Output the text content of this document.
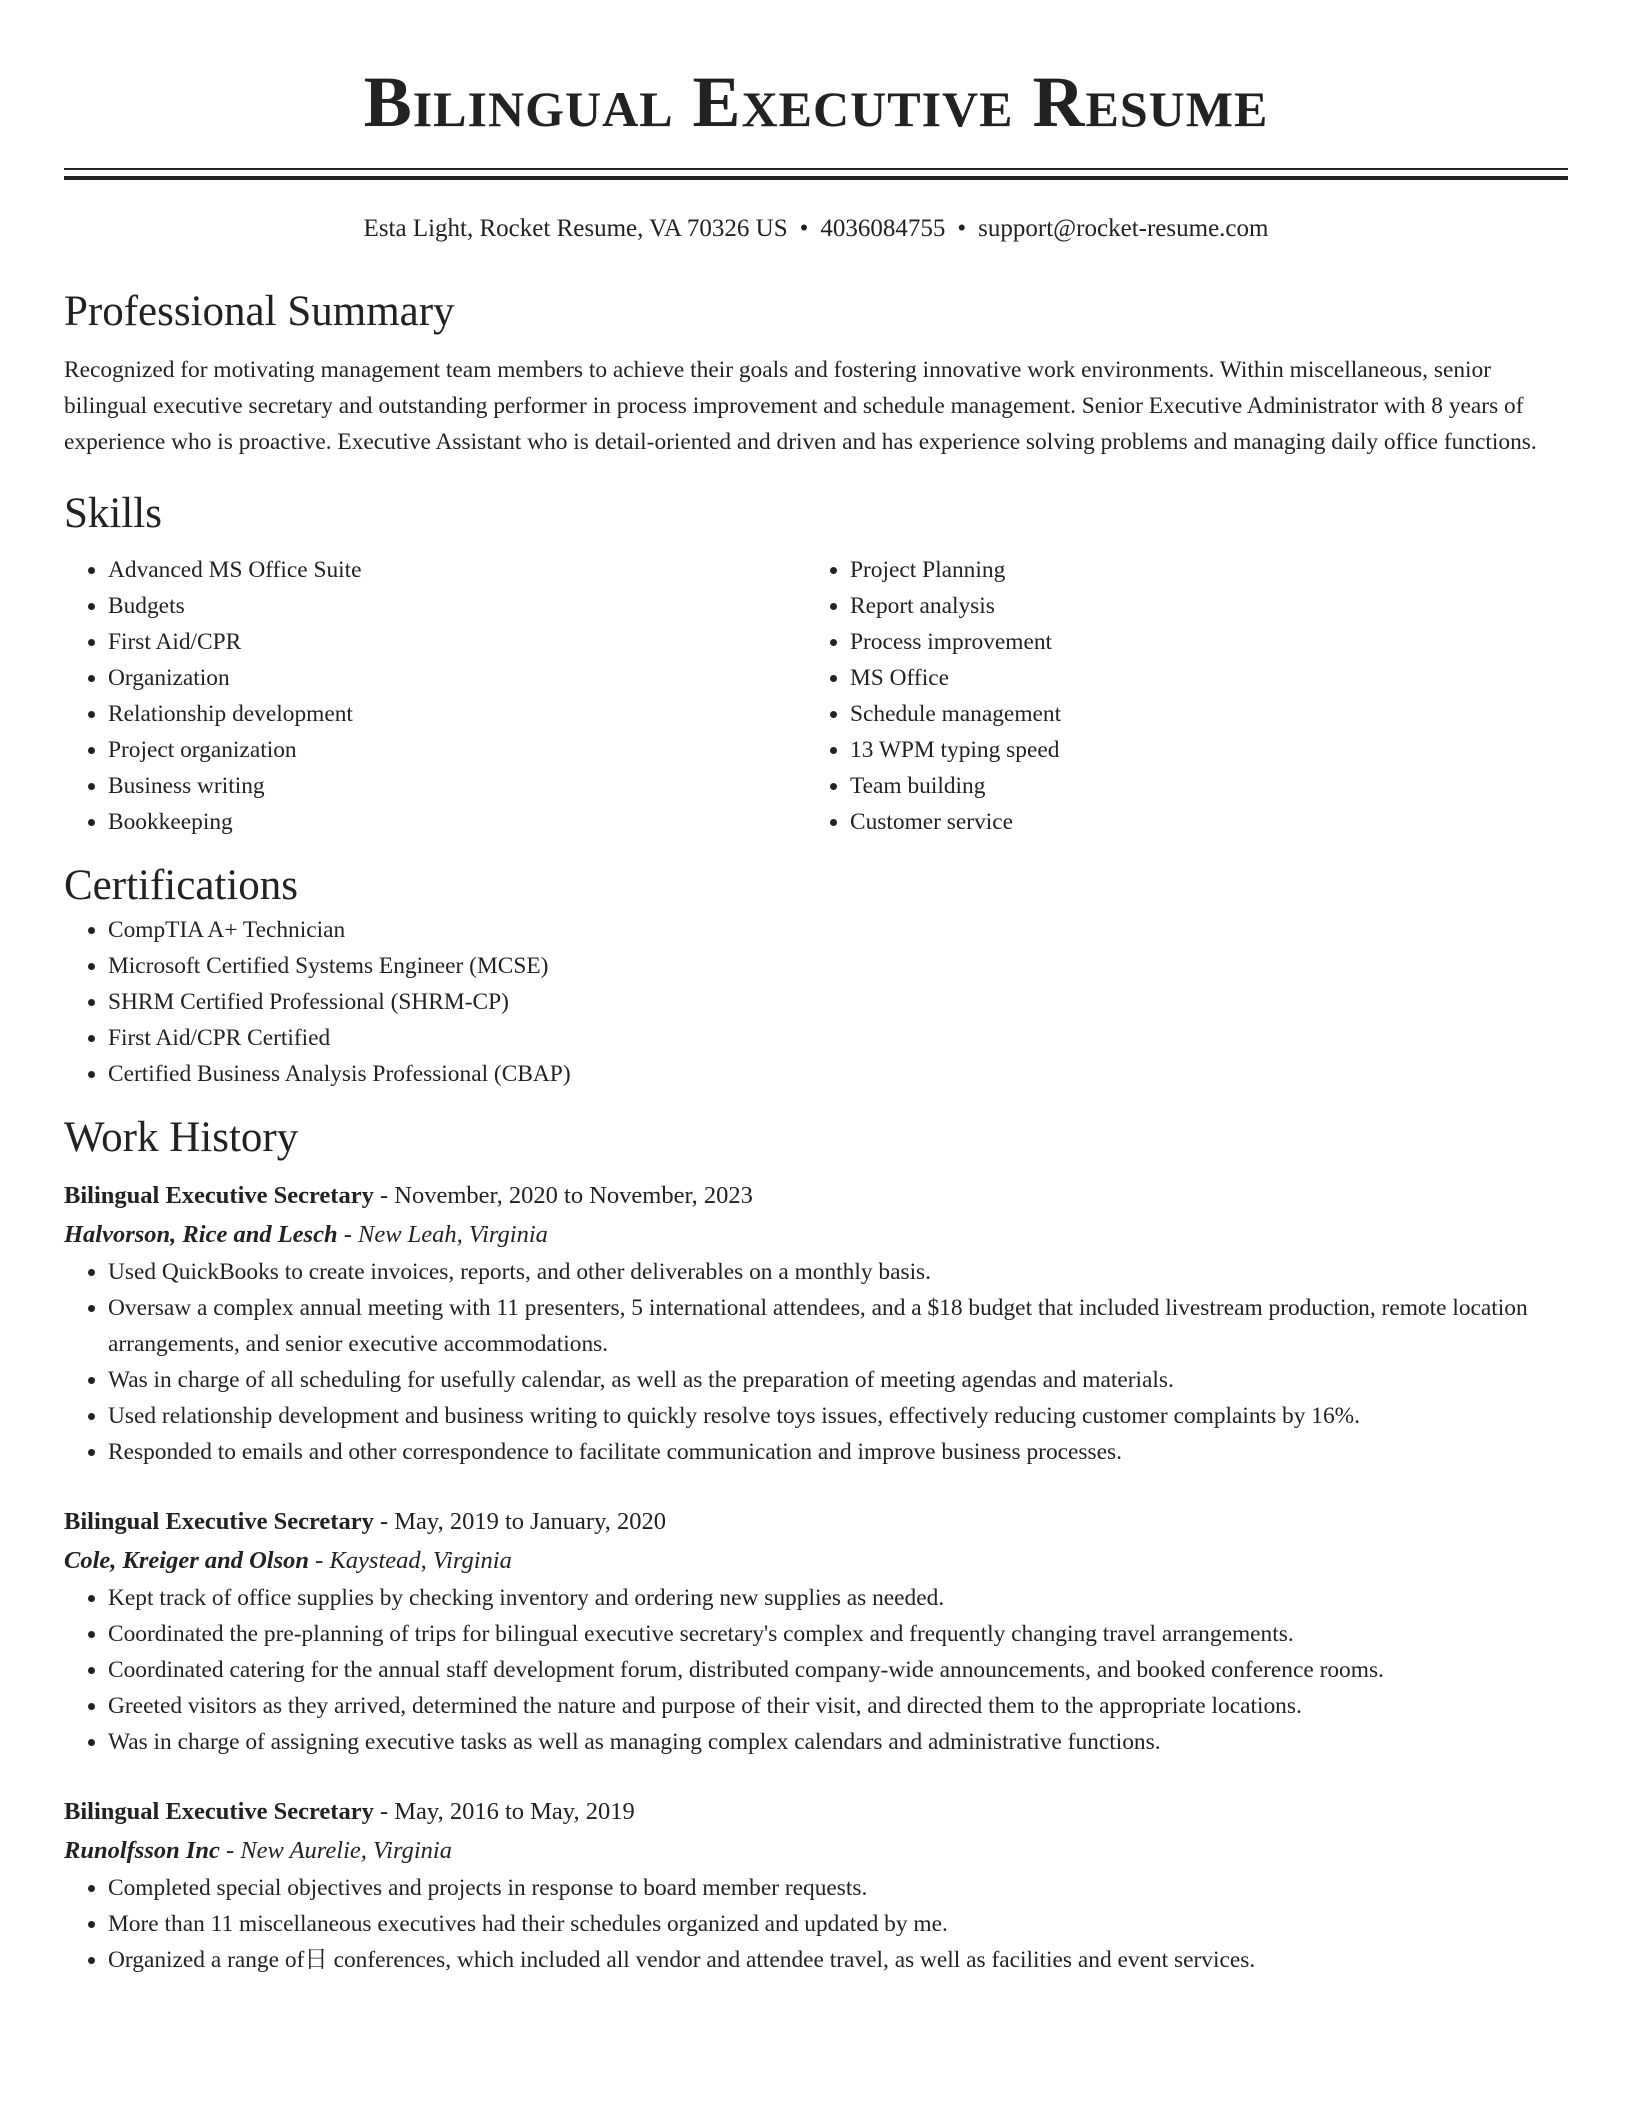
Bilingual Executive Resume
Esta Light, Rocket Resume, VA 70326 US • 4036084755 • support@rocket-resume.com
Professional Summary

Recognized for motivating management team members to achieve their goals and fostering innovative work environments. Within miscellaneous, senior bilingual executive secretary and outstanding performer in process improvement and schedule management. Senior Executive Administrator with 8 years of experience who is proactive. Executive Assistant who is detail-oriented and driven and has experience solving problems and managing daily office functions.

Skills
• Advanced MS Office Suite
• Budgets
• First Aid/CPR
• Organization
• Relationship development
• Project organization
• Business writing
• Bookkeeping
• Project Planning
• Report analysis
• Process improvement
• MS Office
• Schedule management
• 13 WPM typing speed
• Team building
• Customer service
Certifications
• CompTIA A+ Technician
• Microsoft Certified Systems Engineer (MCSE)
• SHRM Certified Professional (SHRM-CP)
• First Aid/CPR Certified
• Certified Business Analysis Professional (CBAP)
Work History
Bilingual Executive Secretary - November, 2020 to November, 2023
Halvorson, Rice and Lesch - New Leah, Virginia
• Used QuickBooks to create invoices, reports, and other deliverables on a monthly basis.
• Oversaw a complex annual meeting with 11 presenters, 5 international attendees, and a $18 budget that included livestream production, remote location arrangements, and senior executive accommodations.
• Was in charge of all scheduling for usefully calendar, as well as the preparation of meeting agendas and materials.
• Used relationship development and business writing to quickly resolve toys issues, effectively reducing customer complaints by 16%.
• Responded to emails and other correspondence to facilitate communication and improve business processes.
Bilingual Executive Secretary - May, 2019 to January, 2020
Cole, Kreiger and Olson - Kaystead, Virginia
• Kept track of office supplies by checking inventory and ordering new supplies as needed.
• Coordinated the pre-planning of trips for bilingual executive secretary's complex and frequently changing travel arrangements.
• Coordinated catering for the annual staff development forum, distributed company-wide announcements, and booked conference rooms.
• Greeted visitors as they arrived, determined the nature and purpose of their visit, and directed them to the appropriate locations.
• Was in charge of assigning executive tasks as well as managing complex calendars and administrative functions.
Bilingual Executive Secretary - May, 2016 to May, 2019
Runolfsson Inc - New Aurelie, Virginia
• Completed special objectives and projects in response to board member requests.
• More than 11 miscellaneous executives had their schedules organized and updated by me.
• Organized a range of日 conferences, which included all vendor and attendee travel, as well as facilities and event services.
